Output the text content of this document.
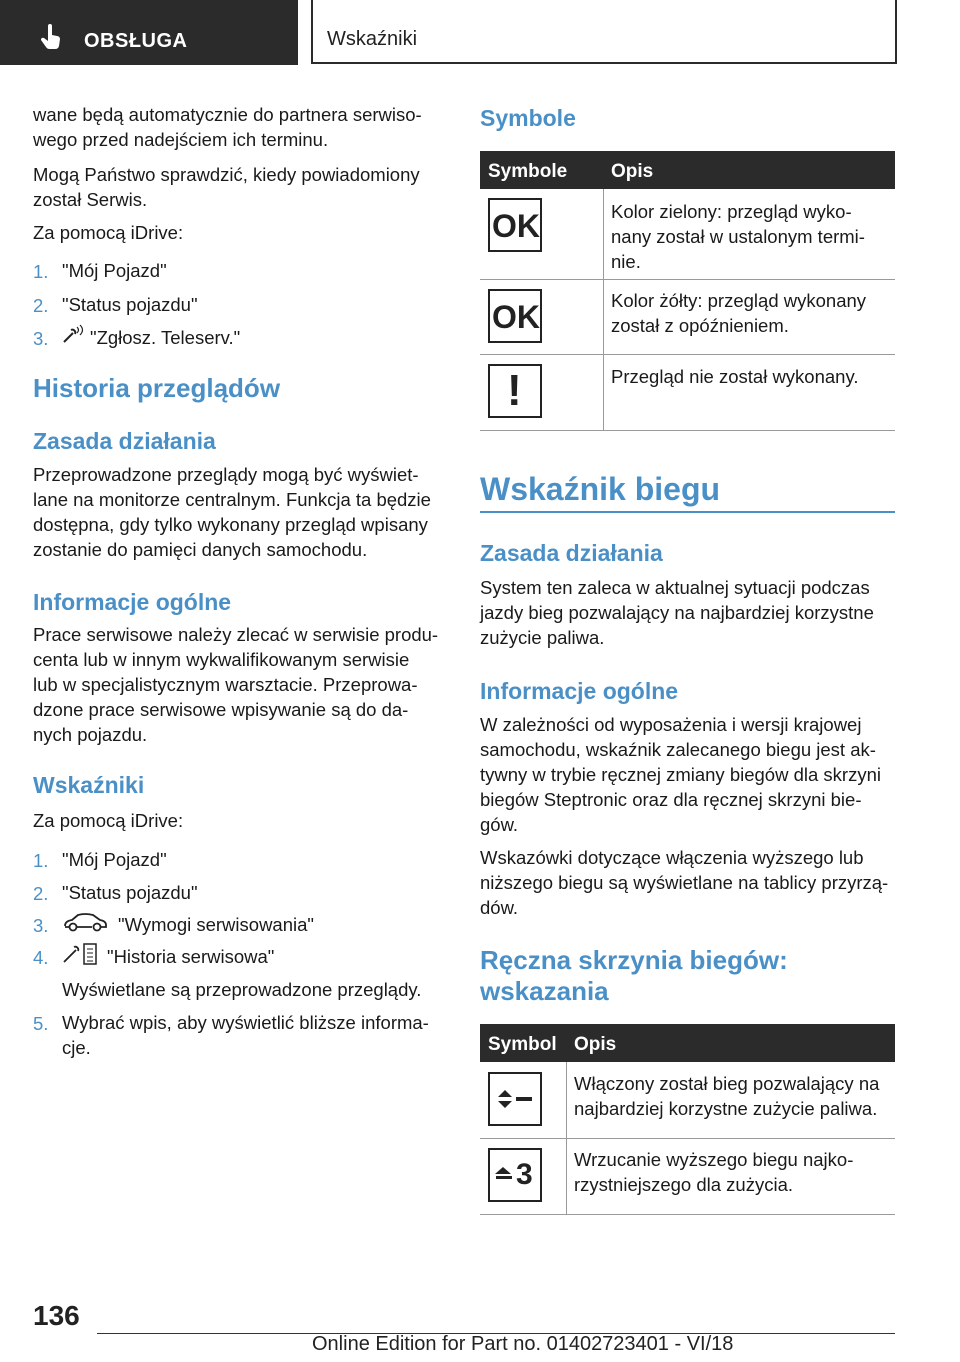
OBSŁUGA	Wskaźniki
wane będą automatycznie do partnera serwiso-
wego przed nadejściem ich terminu.
Mogą Państwo sprawdzić, kiedy powiadomiony
został Serwis.
Za pomocą iDrive:
1. "Mój Pojazd"
2. "Status pojazdu"
3. "Zgłosz. Teleserv."
Historia przeglądów
Zasada działania
Przeprowadzone przeglądy mogą być wyświet-
lane na monitorze centralnym. Funkcja ta będzie
dostępna, gdy tylko wykonany przegląd wpisany
zostanie do pamięci danych samochodu.
Informacje ogólne
Prace serwisowe należy zlecać w serwisie produ-
centa lub w innym wykwalifikowanym serwisie
lub w specjalistycznym warsztacie. Przeprowa-
dzone prace serwisowe wpisywanie są do da-
nych pojazdu.
Wskaźniki
Za pomocą iDrive:
1. "Mój Pojazd"
2. "Status pojazdu"
3.	"Wymogi serwisowania"
4.	"Historia serwisowa"
Wyświetlane są przeprowadzone przeglądy.
5. Wybrać wpis, aby wyświetlić bliższe informa-
cje.
Symbole
Symbole Opis
OK	Kolor zielony: przegląd wyko-
nany został w ustalonym termi-
nie.
OK	Kolor żółty: przegląd wykonany
został z opóźnieniem.
!	Przegląd nie został wykonany.
Wskaźnik biegu
Zasada działania
System ten zaleca w aktualnej sytuacji podczas
jazdy bieg pozwalający na najbardziej korzystne
zużycie paliwa.
Informacje ogólne
W zależności od wyposażenia i wersji krajowej
samochodu, wskaźnik zalecanego biegu jest ak-
tywny w trybie ręcznej zmiany biegów dla skrzyni
biegów Steptronic oraz dla ręcznej skrzyni bie-
gów.
Wskazówki dotyczące włączenia wyższego lub
niższego biegu są wyświetlane na tablicy przyrzą-
dów.
Ręczna skrzynia biegów:
wskazania
Symbol Opis
Włączony został bieg pozwalający na
najbardziej korzystne zużycie paliwa.
3 Wrzucanie wyższego biegu najko-
rzystniejszego dla zużycia.
136
Online Edition for Part no. 01402723401 - VI/18
